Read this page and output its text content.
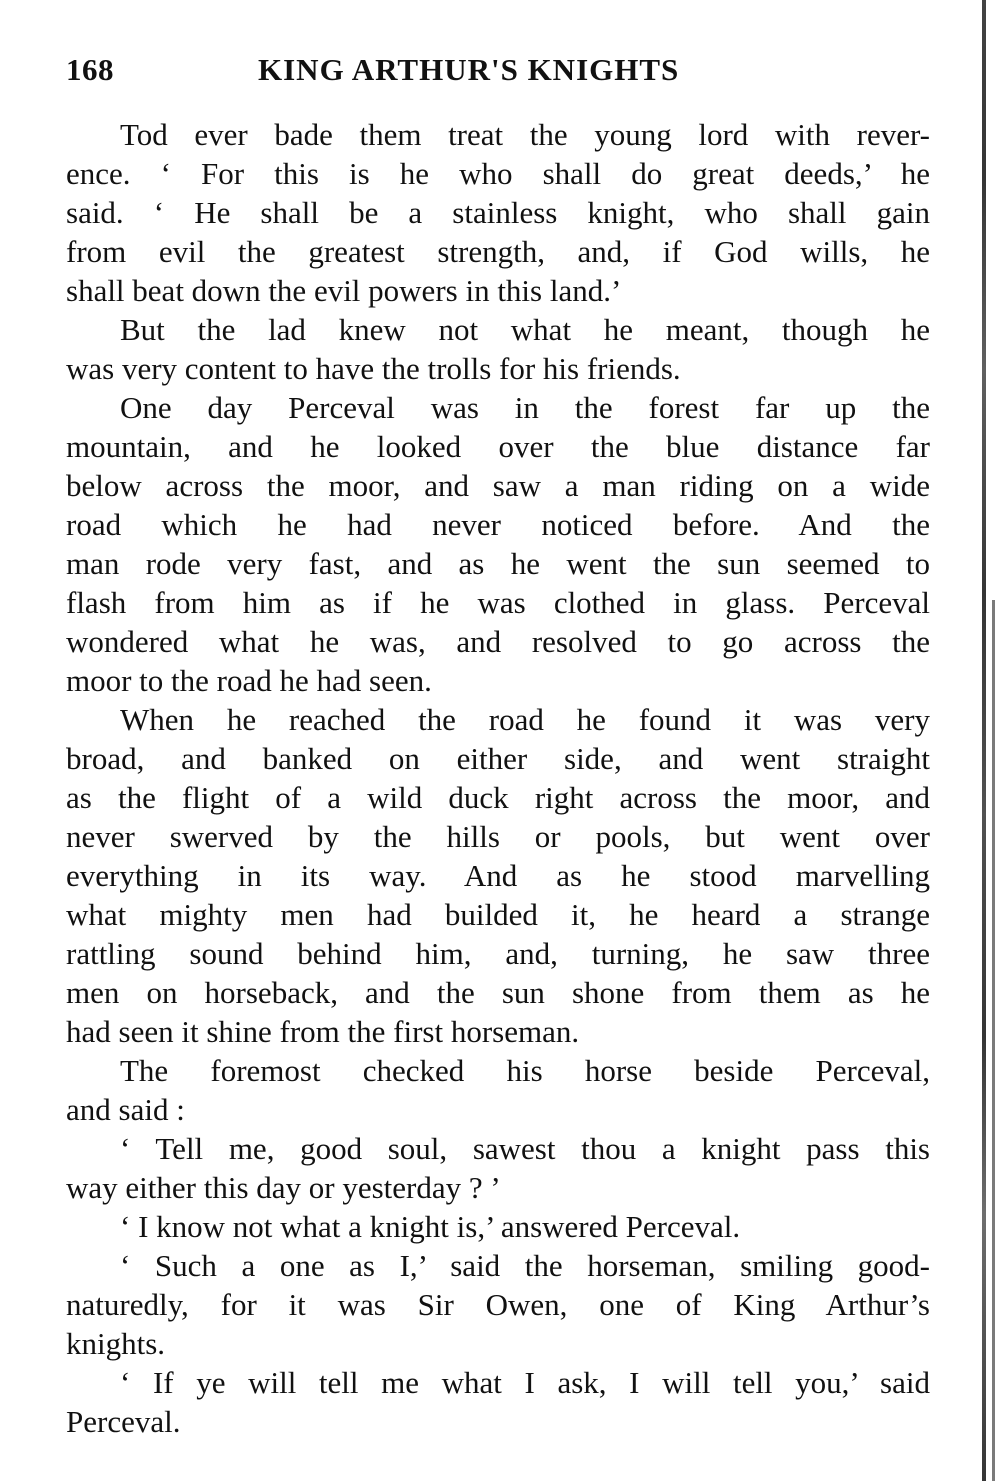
168	KING ARTHUR'S KNIGHTS
Tod ever bade them treat the young lord with rever-
ence. ‘ For this is he who shall do great deeds,’ he
said. ‘ He shall be a stainless knight, who shall gain
from evil the greatest strength, and, if God wills, he
shall beat down the evil powers in this land.’
But the lad knew not what he meant, though he
was very content to have the trolls for his friends.
One day Perceval was in the forest far up the
mountain, and he looked over the blue distance far
below across the moor, and saw a man riding on a wide
road which he had never noticed before. And the
man rode very fast, and as he went the sun seemed to
flash from him as if he was clothed in glass. Perceval
wondered what he was, and resolved to go across the
moor to the road he had seen.
When he reached the road he found it was very
broad, and banked on either side, and went straight
as the flight of a wild duck right across the moor, and
never swerved by the hills or pools, but went over
everything in its way. And as he stood marvelling
what mighty men had builded it, he heard a strange
rattling sound behind him, and, turning, he saw three
men on horseback, and the sun shone from them as he
had seen it shine from the first horseman.
The foremost checked his horse beside Perceval,
and said :
‘ Tell me, good soul, sawest thou a knight pass this
way either this day or yesterday ? ’
‘ I know not what a knight is,’ answered Perceval.
‘ Such a one as I,’ said the horseman, smiling good-
naturedly, for it was Sir Owen, one of King Arthur’s
knights.
‘ If ye will tell me what I ask, I will tell you,’ said
Perceval.
